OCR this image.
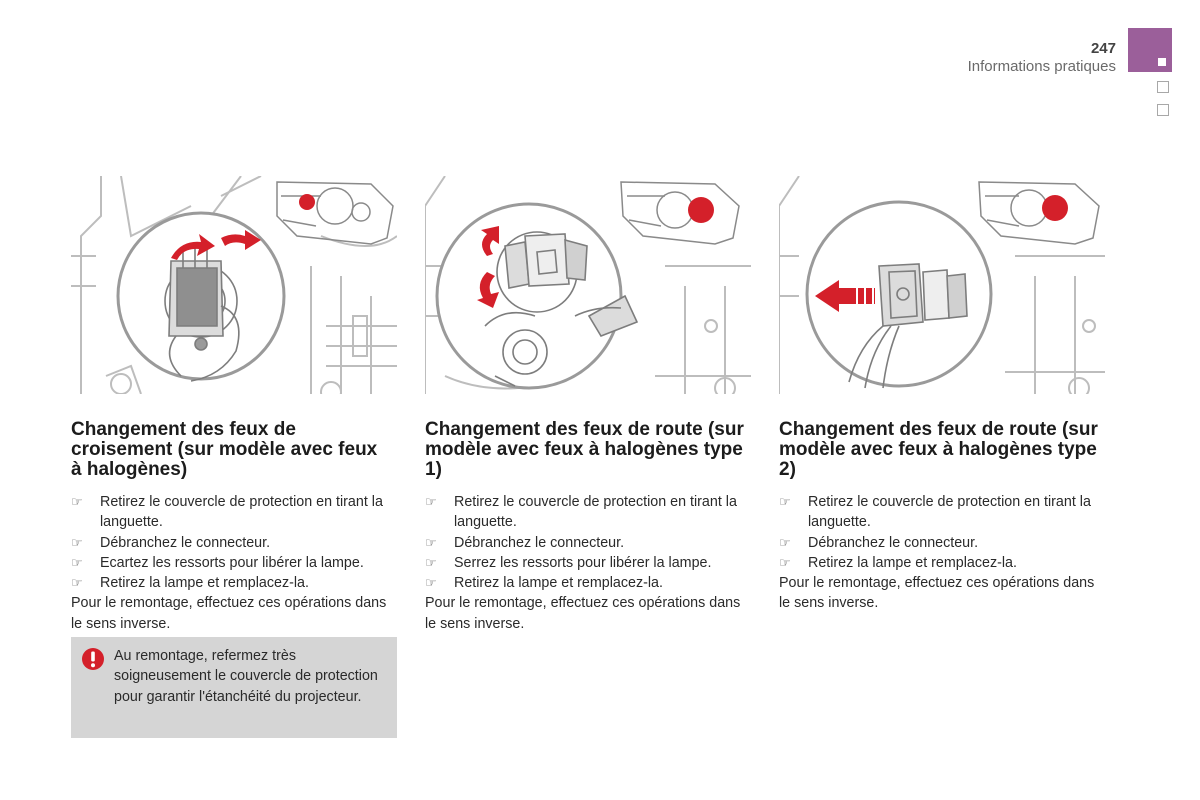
247
Informations pratiques
Changement des feux de croisement (sur modèle avec feux à halogènes)
☞ Retirez le couvercle de protection en tirant la languette.
☞ Débranchez le connecteur.
☞ Ecartez les ressorts pour libérer la lampe.
☞ Retirez la lampe et remplacez-la.

Pour le remontage, effectuez ces opérations dans le sens inverse.

Changement des feux de route (sur modèle avec feux à halogènes type 1)
☞ Retirez le couvercle de protection en tirant la languette.
☞ Débranchez le connecteur.
☞ Serrez les ressorts pour libérer la lampe.
☞ Retirez la lampe et remplacez-la.

Pour le remontage, effectuez ces opérations dans le sens inverse.

Changement des feux de route (sur modèle avec feux à halogènes type 2)
☞ Retirez le couvercle de protection en tirant la languette.
☞ Débranchez le connecteur.
☞ Retirez la lampe et remplacez-la.

Pour le remontage, effectuez ces opérations dans le sens inverse.

Au remontage, refermez très soigneusement le couvercle de protection pour garantir l'étanchéité du projecteur.
